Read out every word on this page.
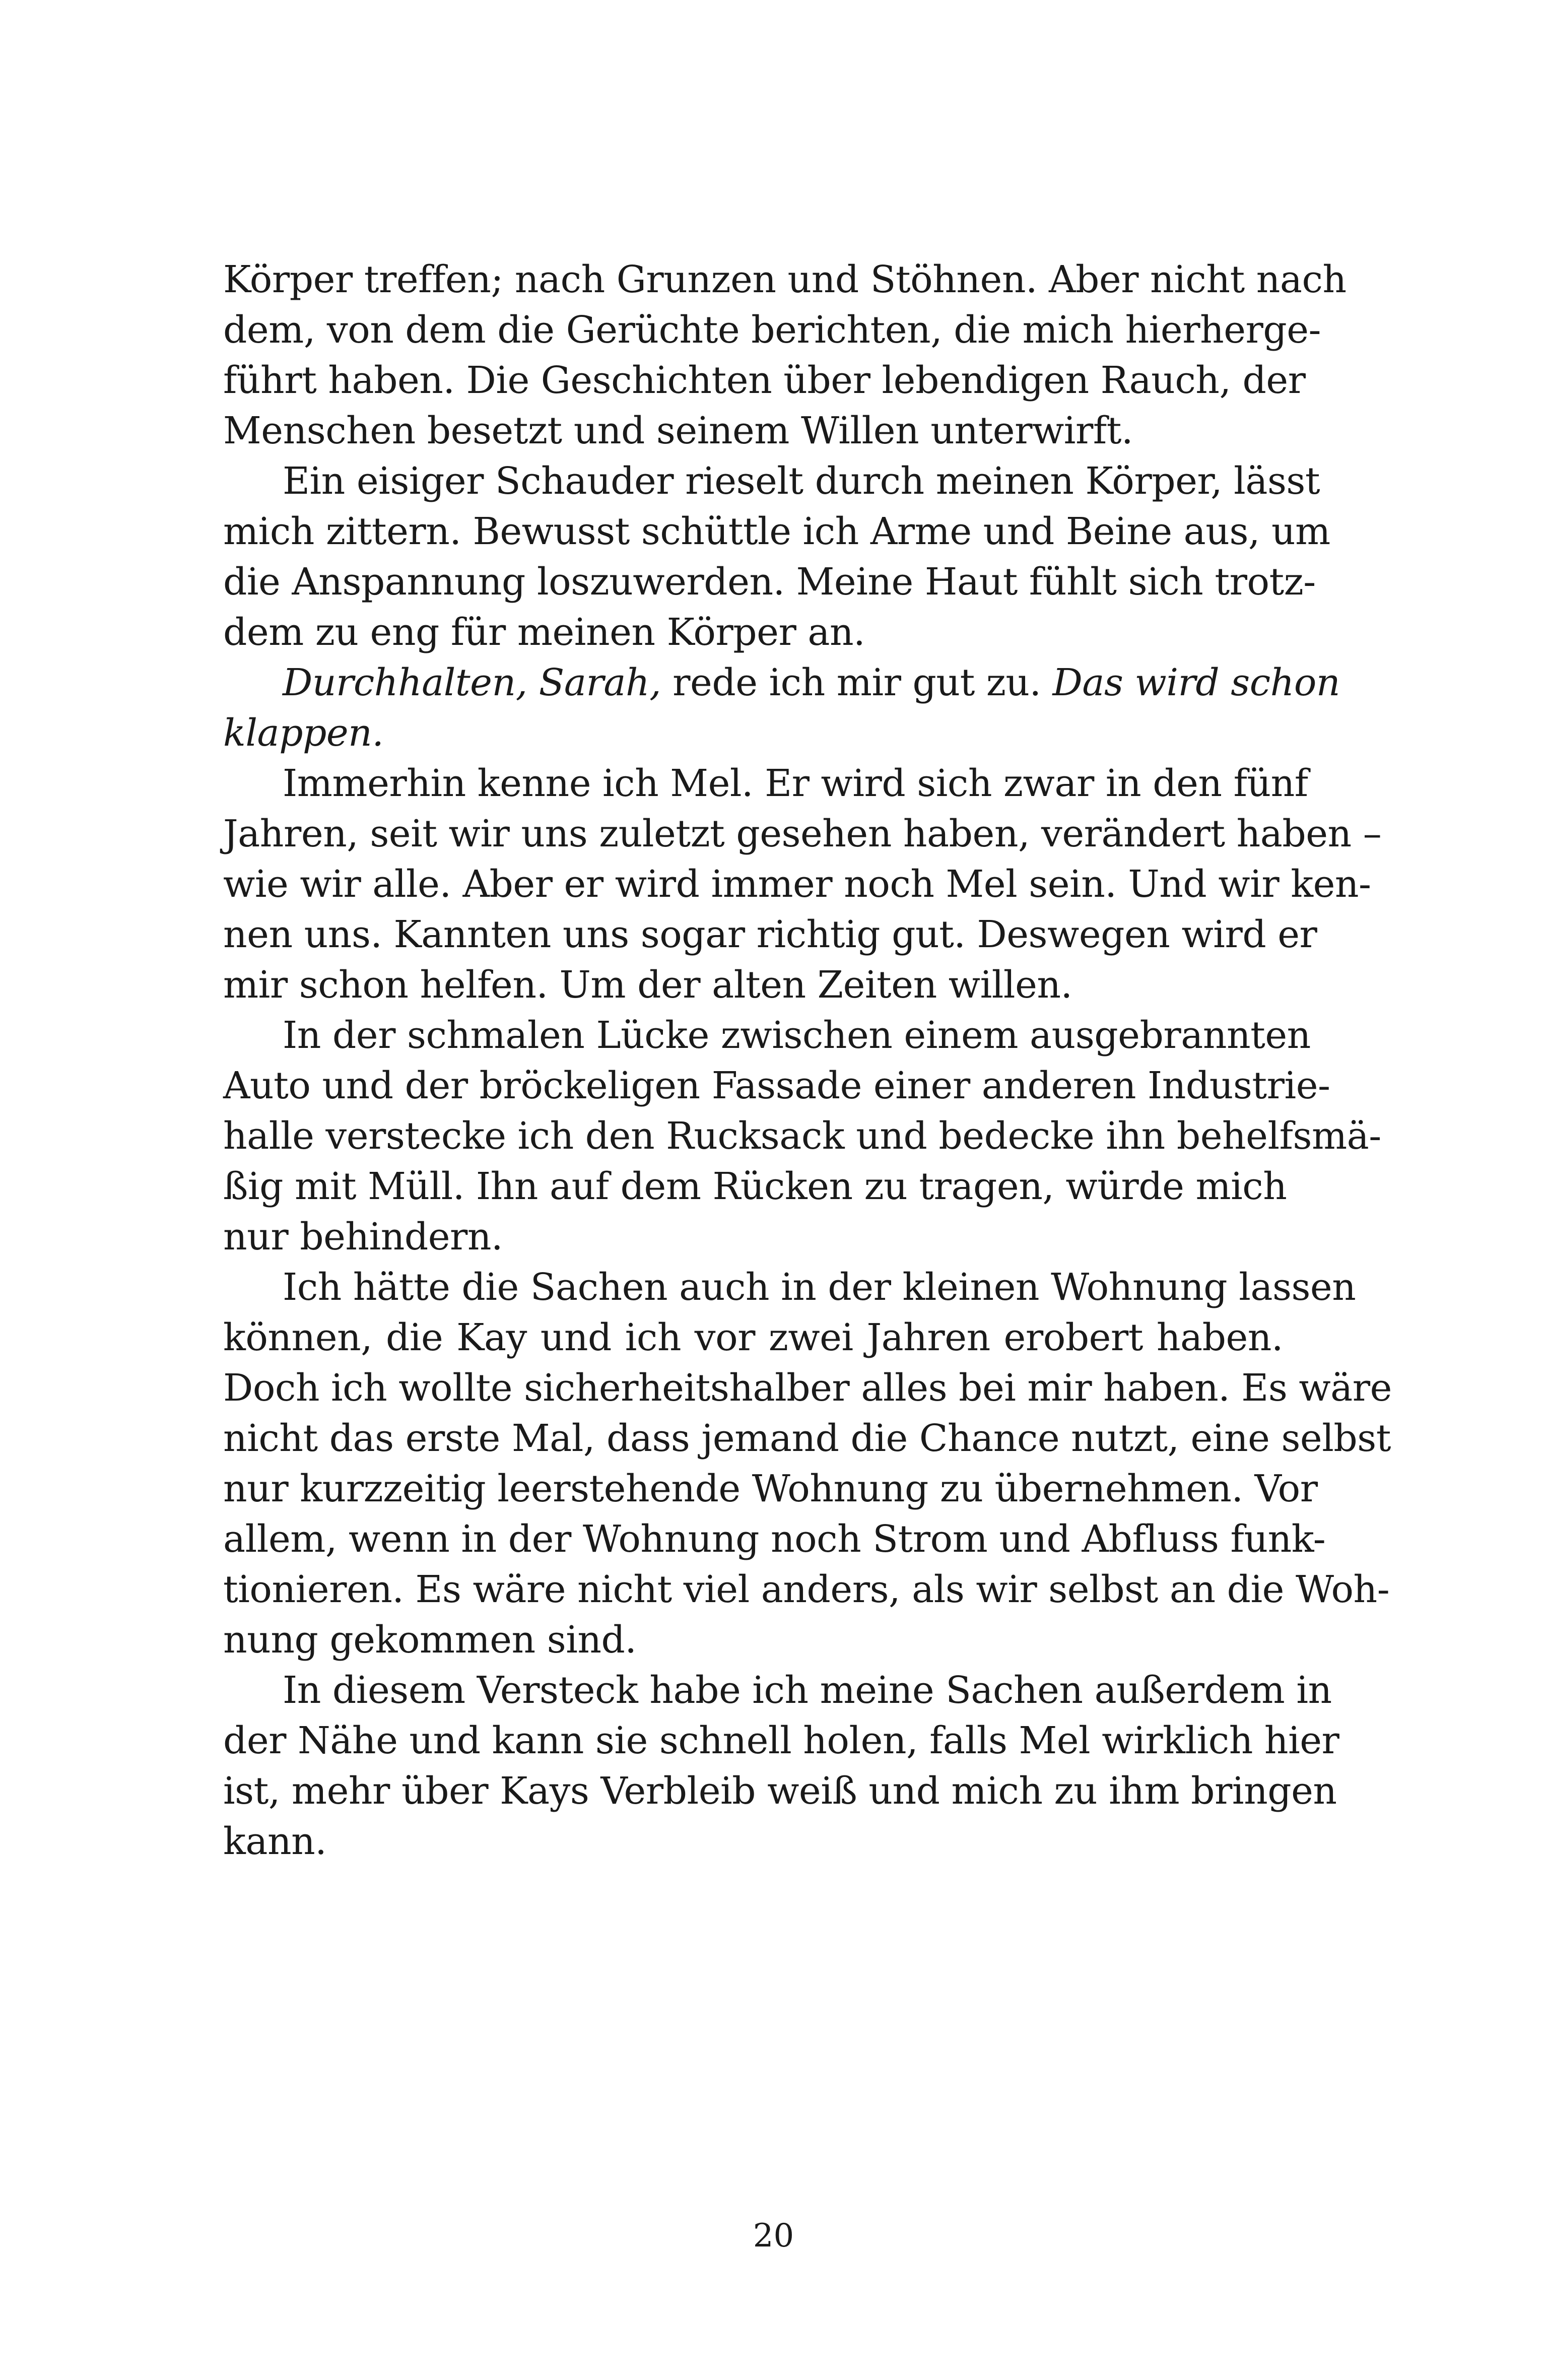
Körper treffen; nach Grunzen und Stöhnen. Aber nicht nach
dem, von dem die Gerüchte berichten, die mich hierherge-
führt haben. Die Geschichten über lebendigen Rauch, der
Menschen besetzt und seinem Willen unterwirft.
Ein eisiger Schauder rieselt durch meinen Körper, lässt
mich zittern. Bewusst schüttle ich Arme und Beine aus, um
die Anspannung loszuwerden. Meine Haut fühlt sich trotz-
dem zu eng für meinen Körper an.
Durchhalten, Sarah, rede ich mir gut zu. Das wird schon
klappen.
Immerhin kenne ich Mel. Er wird sich zwar in den fünf
Jahren, seit wir uns zuletzt gesehen haben, verändert haben –
wie wir alle. Aber er wird immer noch Mel sein. Und wir ken-
nen uns. Kannten uns sogar richtig gut. Deswegen wird er
mir schon helfen. Um der alten Zeiten willen.
In der schmalen Lücke zwischen einem ausgebrannten
Auto und der bröckeligen Fassade einer anderen Industrie-
halle verstecke ich den Rucksack und bedecke ihn behelfsmä-
ßig mit Müll. Ihn auf dem Rücken zu tragen, würde mich
nur behindern.
Ich hätte die Sachen auch in der kleinen Wohnung lassen
können, die Kay und ich vor zwei Jahren erobert haben.
Doch ich wollte sicherheitshalber alles bei mir haben. Es wäre
nicht das erste Mal, dass jemand die Chance nutzt, eine selbst
nur kurzzeitig leerstehende Wohnung zu übernehmen. Vor
allem, wenn in der Wohnung noch Strom und Abfluss funk-
tionieren. Es wäre nicht viel anders, als wir selbst an die Woh-
nung gekommen sind.
In diesem Versteck habe ich meine Sachen außerdem in
der Nähe und kann sie schnell holen, falls Mel wirklich hier
ist, mehr über Kays Verbleib weiß und mich zu ihm bringen
kann.
20
